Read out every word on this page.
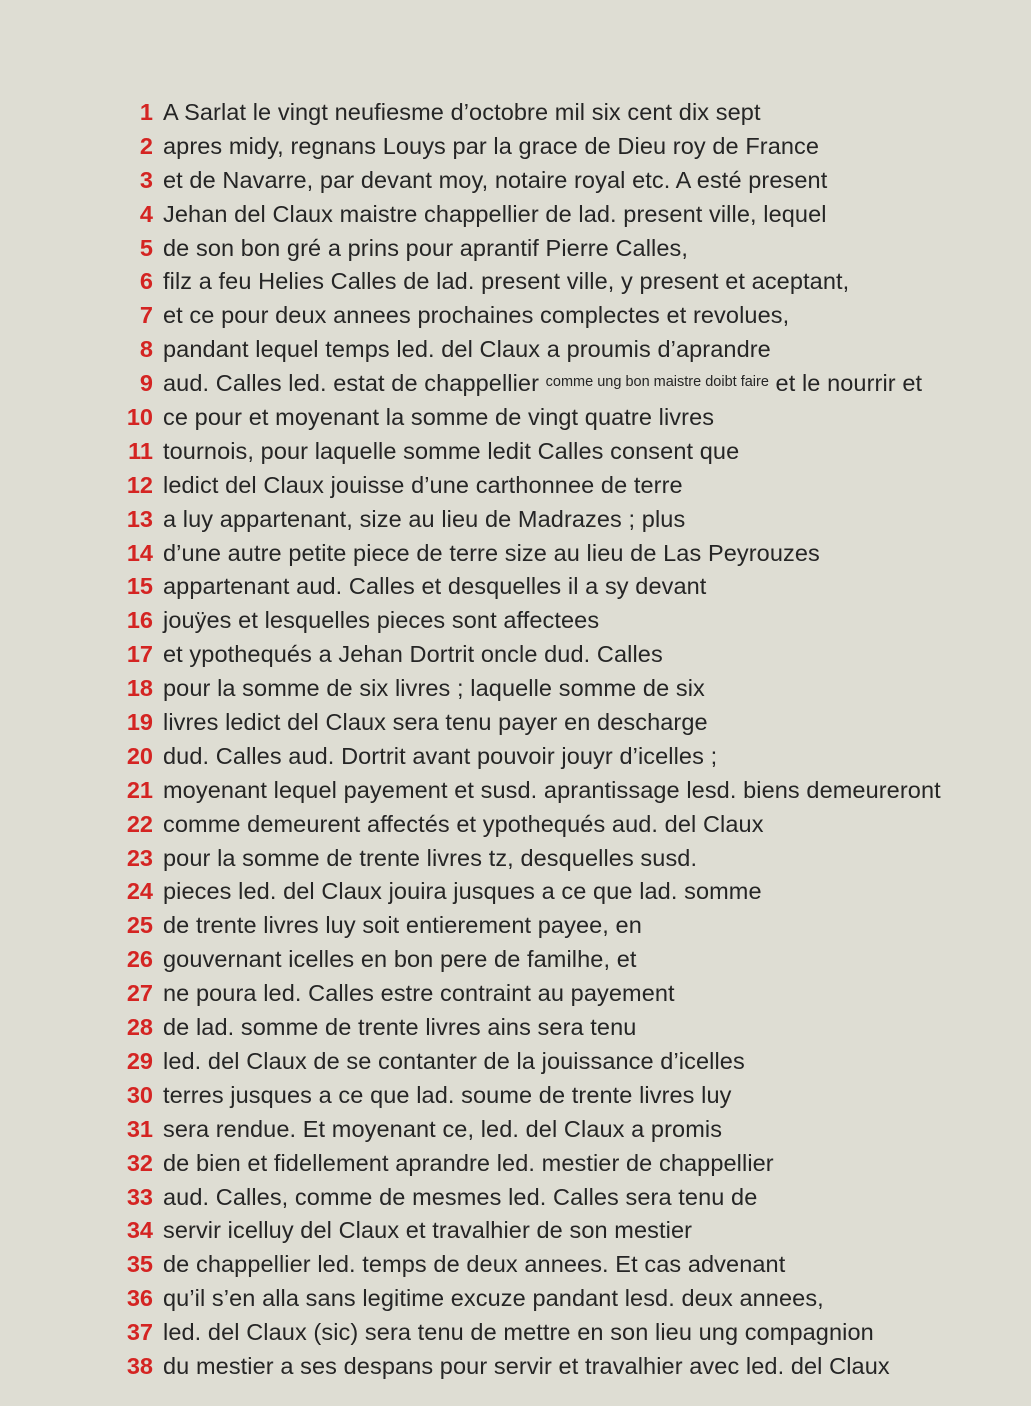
1 A Sarlat le vingt neufiesme d’octobre mil six cent dix sept
2 apres midy, regnans Louys par la grace de Dieu roy de France
3 et de Navarre, par devant moy, notaire royal etc. A esté present
4 Jehan del Claux maistre chappellier de lad. present ville, lequel
5 de son bon gré a prins pour aprantif Pierre Calles,
6 filz a feu Helies Calles de lad. present ville, y present et aceptant,
7 et ce pour deux annees prochaines complectes et revolues,
8 pandant lequel temps led. del Claux a proumis d’aprandre
9 aud. Calles led. estat de chappellier $^{comme ung bon maistre doibt faire}$ et le nourrir et
10 ce pour et moyenant la somme de vingt quatre livres
11 tournois, pour laquelle somme ledit Calles consent que
12 ledict del Claux jouisse d’une carthonnee de terre
13 a luy appartenant, size au lieu de Madrazes ; plus
14 d’une autre petite piece de terre size au lieu de Las Peyrouzes
15 appartenant aud. Calles et desquelles il a sy devant
16 jouÿes et lesquelles pieces sont affectees
17 et ypothequés a Jehan Dortrit oncle dud. Calles
18 pour la somme de six livres ; laquelle somme de six
19 livres ledict del Claux sera tenu payer en descharge
20 dud. Calles aud. Dortrit avant pouvoir jouyr d’icelles ;
21 moyenant lequel payement et susd. aprantissage lesd. biens demeureront
22 comme demeurent affectés et ypothequés aud. del Claux
23 pour la somme de trente livres tz, desquelles susd.
24 pieces led. del Claux jouira jusques a ce que lad. somme
25 de trente livres luy soit entierement payee, en
26 gouvernant icelles en bon pere de familhe, et
27 ne poura led. Calles estre contraint au payement
28 de lad. somme de trente livres ains sera tenu
29 led. del Claux de se contanter de la jouissance d’icelles
30 terres jusques a ce que lad. soume de trente livres luy
31 sera rendue. Et moyenant ce, led. del Claux a promis
32 de bien et fidellement aprandre led. mestier de chappellier
33 aud. Calles, comme de mesmes led. Calles sera tenu de
34 servir icelluy del Claux et travalhier de son mestier
35 de chappellier led. temps de deux annees. Et cas advenant
36 qu’il s’en alla sans legitime excuze pandant lesd. deux annees,
37 led. del Claux (sic) sera tenu de mettre en son lieu ung compagnion
38 du mestier a ses despans pour servir et travalhier avec led. del Claux
